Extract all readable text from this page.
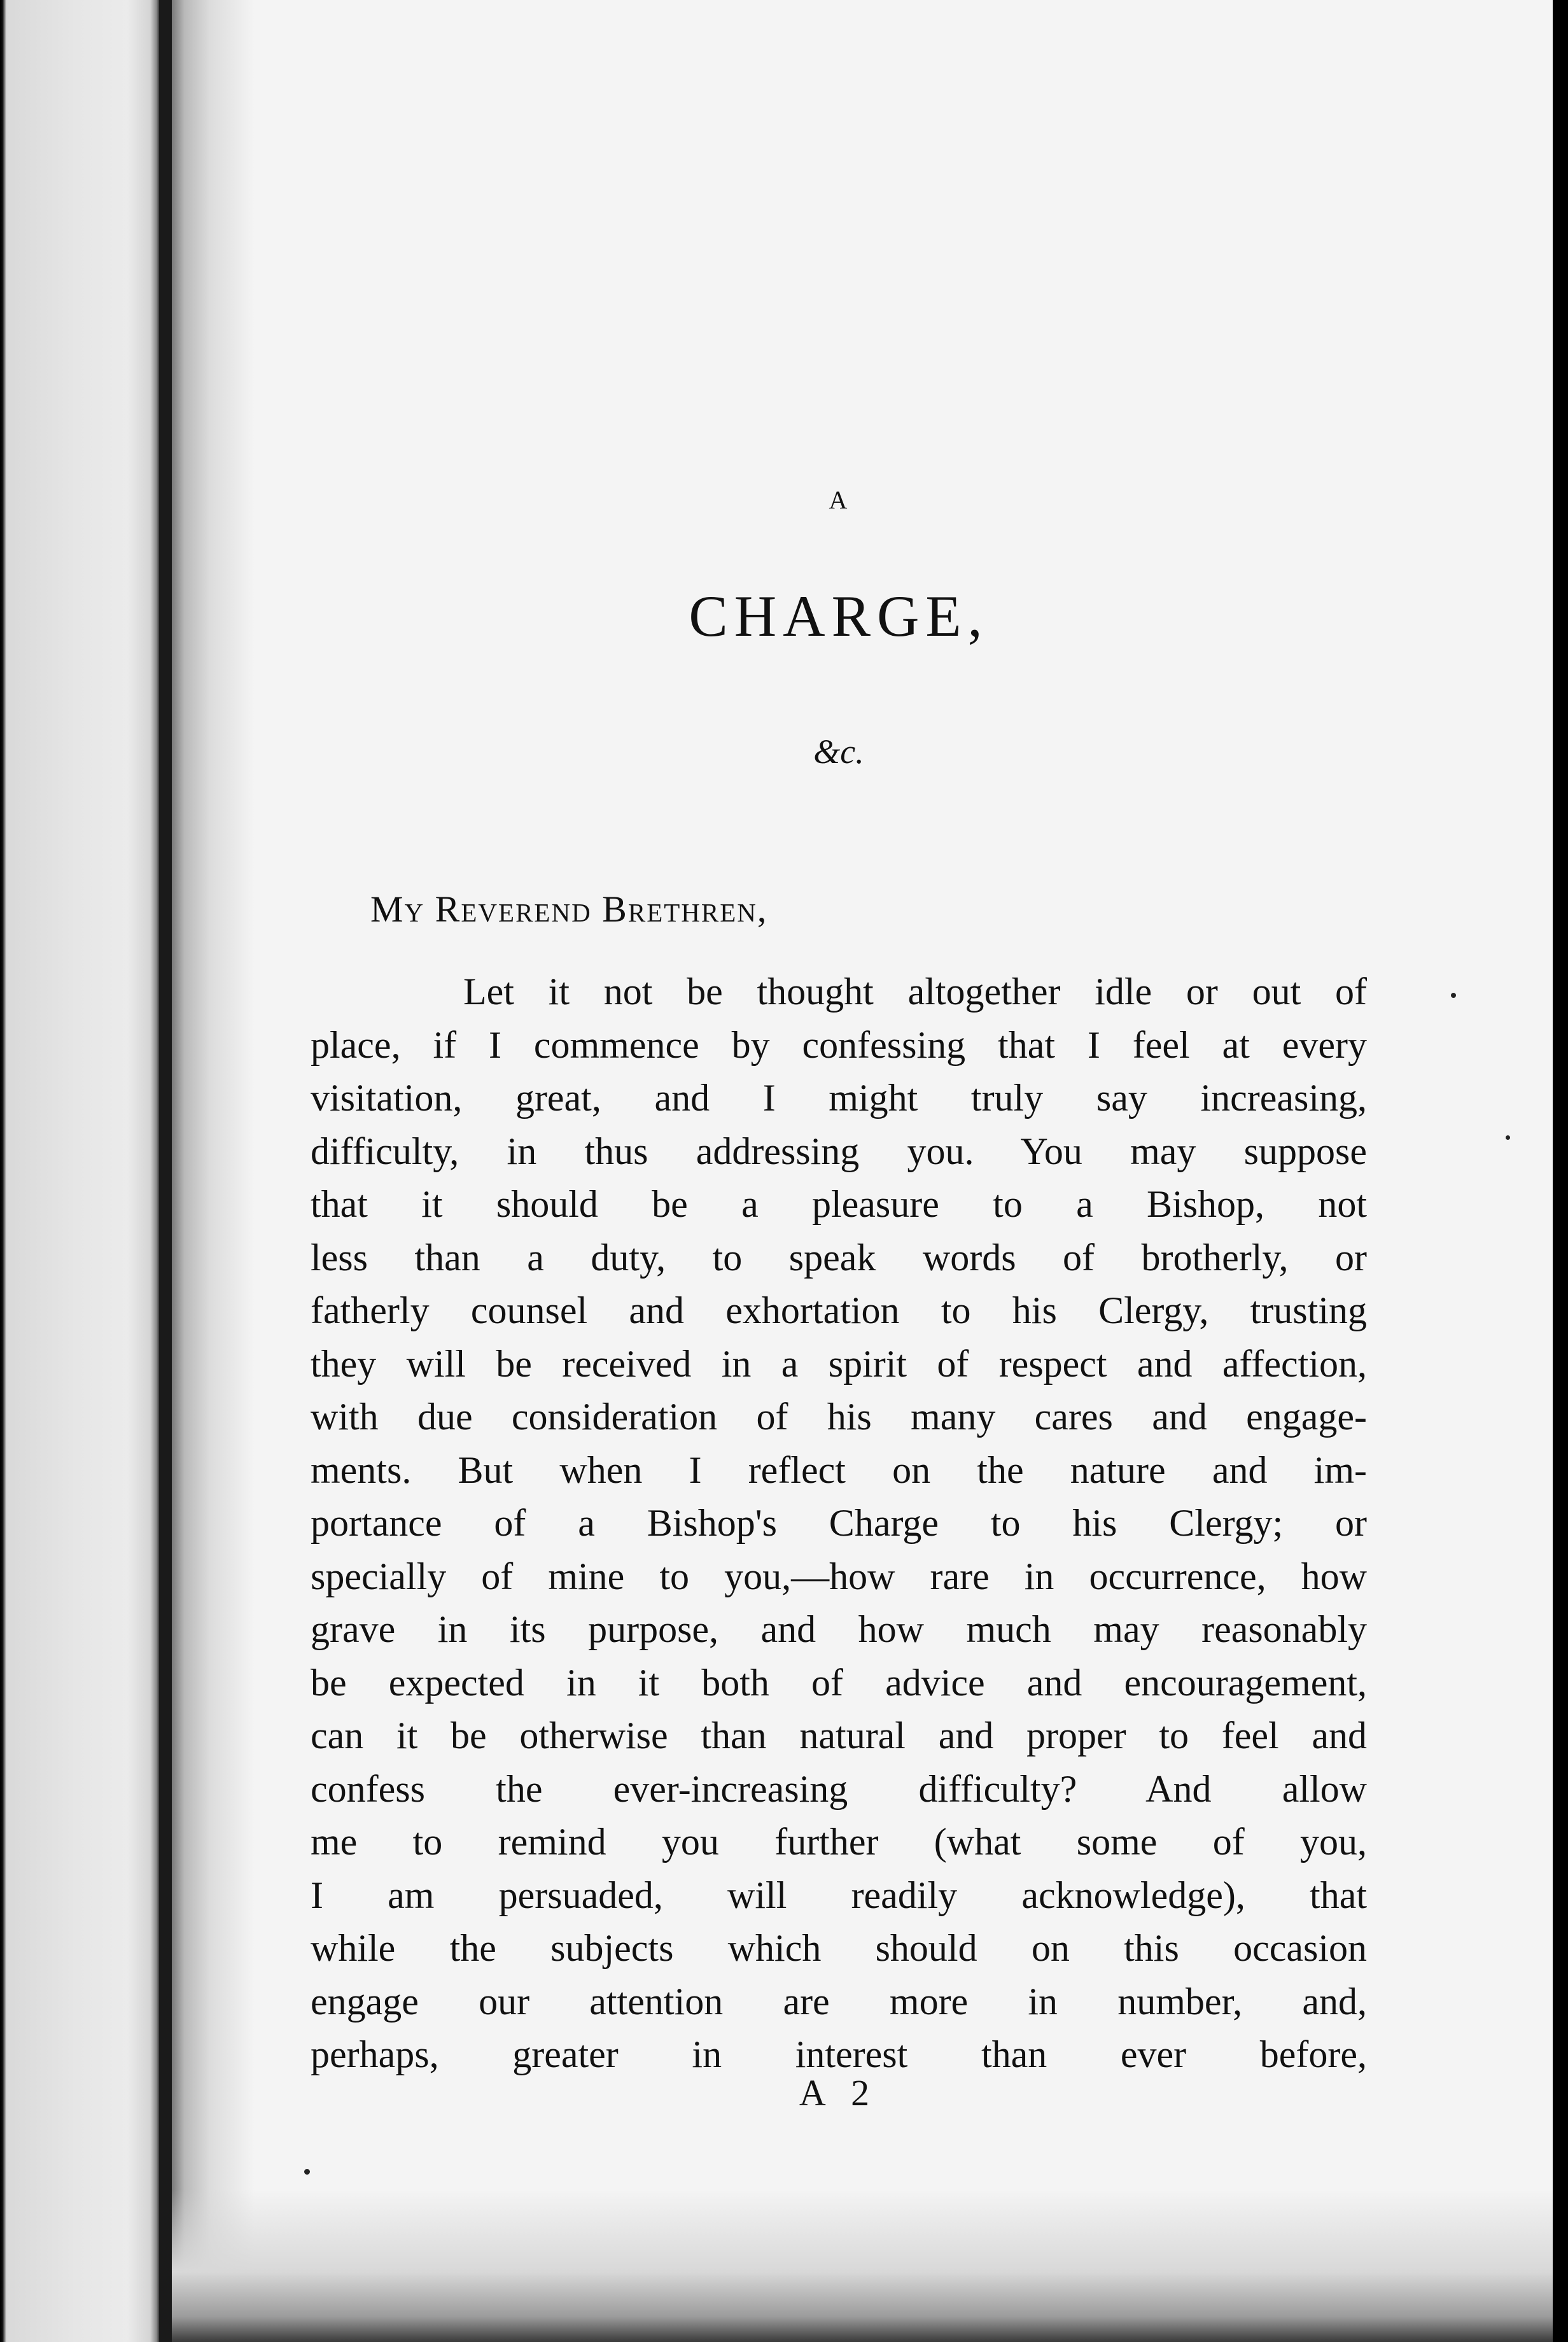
A
CHARGE,
&c.
My Reverend Brethren,
Let it not be thought altogether idle or out of
place, if I commence by confessing that I feel at every
visitation, great, and I might truly say increasing,
difficulty, in thus addressing you. You may suppose
that it should be a pleasure to a Bishop, not
less than a duty, to speak words of brotherly, or
fatherly counsel and exhortation to his Clergy, trusting
they will be received in a spirit of respect and affection,
with due consideration of his many cares and engage-
ments. But when I reflect on the nature and im-
portance of a Bishop's Charge to his Clergy; or
specially of mine to you,—how rare in occurrence, how
grave in its purpose, and how much may reasonably
be expected in it both of advice and encouragement,
can it be otherwise than natural and proper to feel and
confess the ever-increasing difficulty? And allow
me to remind you further (what some of you,
I am persuaded, will readily acknowledge), that
while the subjects which should on this occasion
engage our attention are more in number, and,
perhaps, greater in interest than ever before,
A 2
